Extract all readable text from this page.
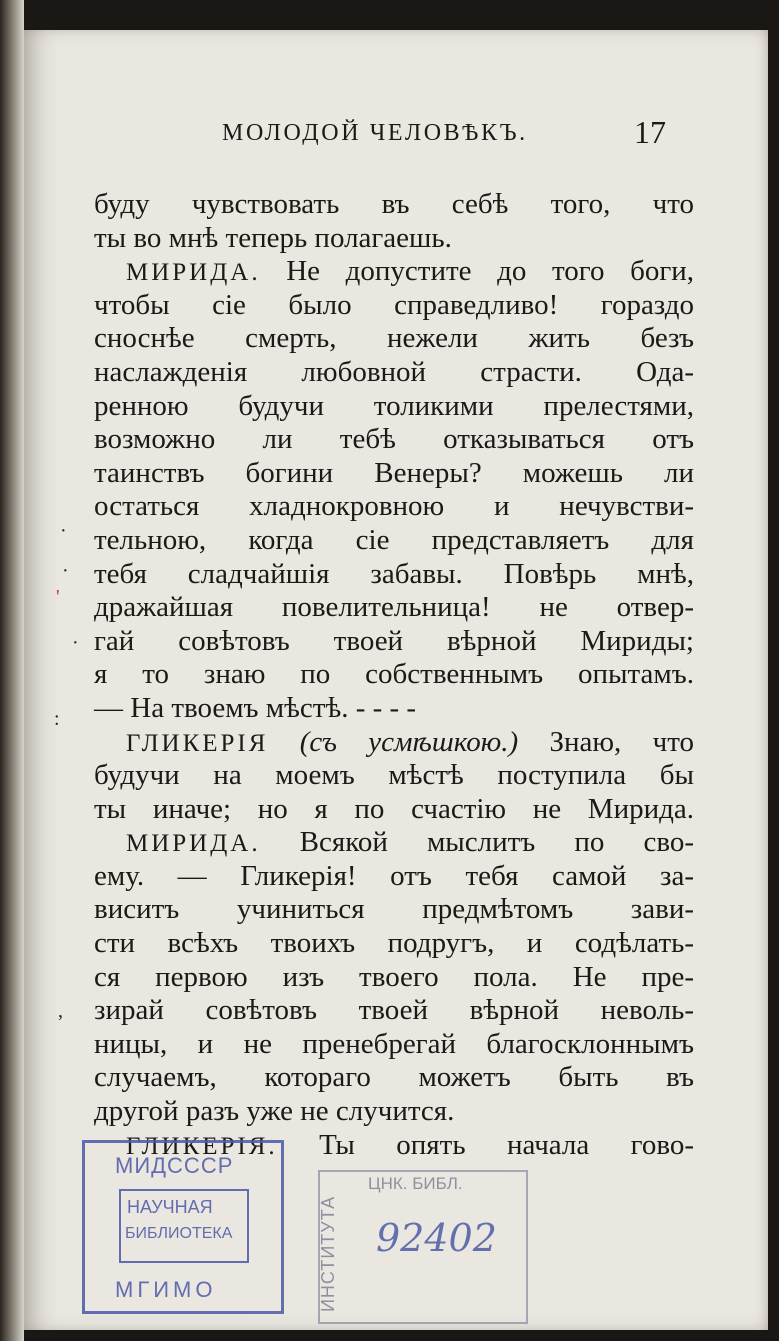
МОЛОДОЙ ЧЕЛОВѢКЪ.	17
буду чувствовать въ себѣ того, что
ты во мнѣ теперь полагаешь.
МИРИДА. Не допустите до того боги,
чтобы сіе было справедливо! гораздо
сноснѣе смерть, нежели жить безъ
наслажденія любовной страсти. Ода-
ренною будучи толикими прелестями,
возможно ли тебѣ отказываться отъ
таинствъ богини Венеры? можешь ли
остаться хладнокровною и нечувстви-
тельною, когда сіе представляетъ для
тебя сладчайшія забавы. Повѣрь мнѣ,
дражайшая повелительница! не отвер-
гай совѣтовъ твоей вѣрной Мириды;
я то знаю по собственнымъ опытамъ.
— На твоемъ мѣстѣ. - - - -
ГЛИКЕРІЯ (съ усмѣшкою.) Знаю, что
будучи на моемъ мѣстѣ поступила бы
ты иначе; но я по счастію не Мирида.
МИРИДА. Всякой мыслитъ по сво-
ему. — Гликерія! отъ тебя самой за-
виситъ учиниться предмѣтомъ зави-
сти всѣхъ твоихъ подругъ, и содѣлать-
ся первою изъ твоего пола. Не пре-
зирай совѣтовъ твоей вѣрной неволь-
ницы, и не пренебрегай благосклоннымъ
случаемъ, котораго можетъ быть въ
другой разъ уже не случится.
ГЛИКЕРІЯ. Ты опять начала гово-
·
·
'
·
:
,
МИДСССР
НАУЧНАЯ
БИБЛИОТЕКА
МГИМО	ИНСТИТУТА
ЦНК. БИБЛ.
92402
